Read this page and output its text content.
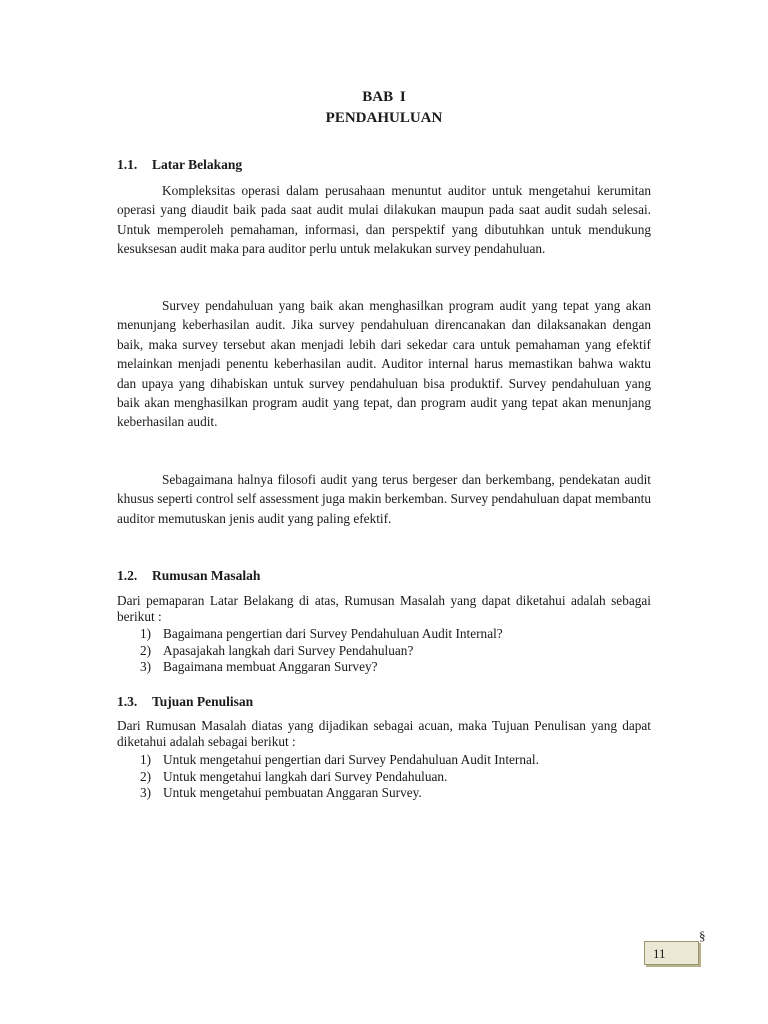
BAB I
PENDAHULUAN
1.1. Latar Belakang

Kompleksitas operasi dalam perusahaan menuntut auditor untuk mengetahui kerumitan operasi yang diaudit baik pada saat audit mulai dilakukan maupun pada saat audit sudah selesai. Untuk memperoleh pemahaman, informasi, dan perspektif yang dibutuhkan untuk mendukung kesuksesan audit maka para auditor perlu untuk melakukan survey pendahuluan.

Survey pendahuluan yang baik akan menghasilkan program audit yang tepat yang akan menunjang keberhasilan audit. Jika survey pendahuluan direncanakan dan dilaksanakan dengan baik, maka survey tersebut akan menjadi lebih dari sekedar cara untuk pemahaman yang efektif melainkan menjadi penentu keberhasilan audit. Auditor internal harus memastikan bahwa waktu dan upaya yang dihabiskan untuk survey pendahuluan bisa produktif. Survey pendahuluan yang baik akan menghasilkan program audit yang tepat, dan program audit yang tepat akan menunjang keberhasilan audit.

Sebagaimana halnya filosofi audit yang terus bergeser dan berkembang, pendekatan audit khusus seperti control self assessment juga makin berkemban. Survey pendahuluan dapat membantu auditor memutuskan jenis audit yang paling efektif.

1.2. Rumusan Masalah

Dari pemaparan Latar Belakang di atas, Rumusan Masalah yang dapat diketahui adalah sebagai berikut :

1) Bagaimana pengertian dari Survey Pendahuluan Audit Internal?
2) Apasajakah langkah dari Survey Pendahuluan?
3) Bagaimana membuat Anggaran Survey?
1.3. Tujuan Penulisan

Dari Rumusan Masalah diatas yang dijadikan sebagai acuan, maka Tujuan Penulisan yang dapat diketahui adalah sebagai berikut :

1) Untuk mengetahui pengertian dari Survey Pendahuluan Audit Internal.
2) Untuk mengetahui langkah dari Survey Pendahuluan.
3) Untuk mengetahui pembuatan Anggaran Survey.
§
11
